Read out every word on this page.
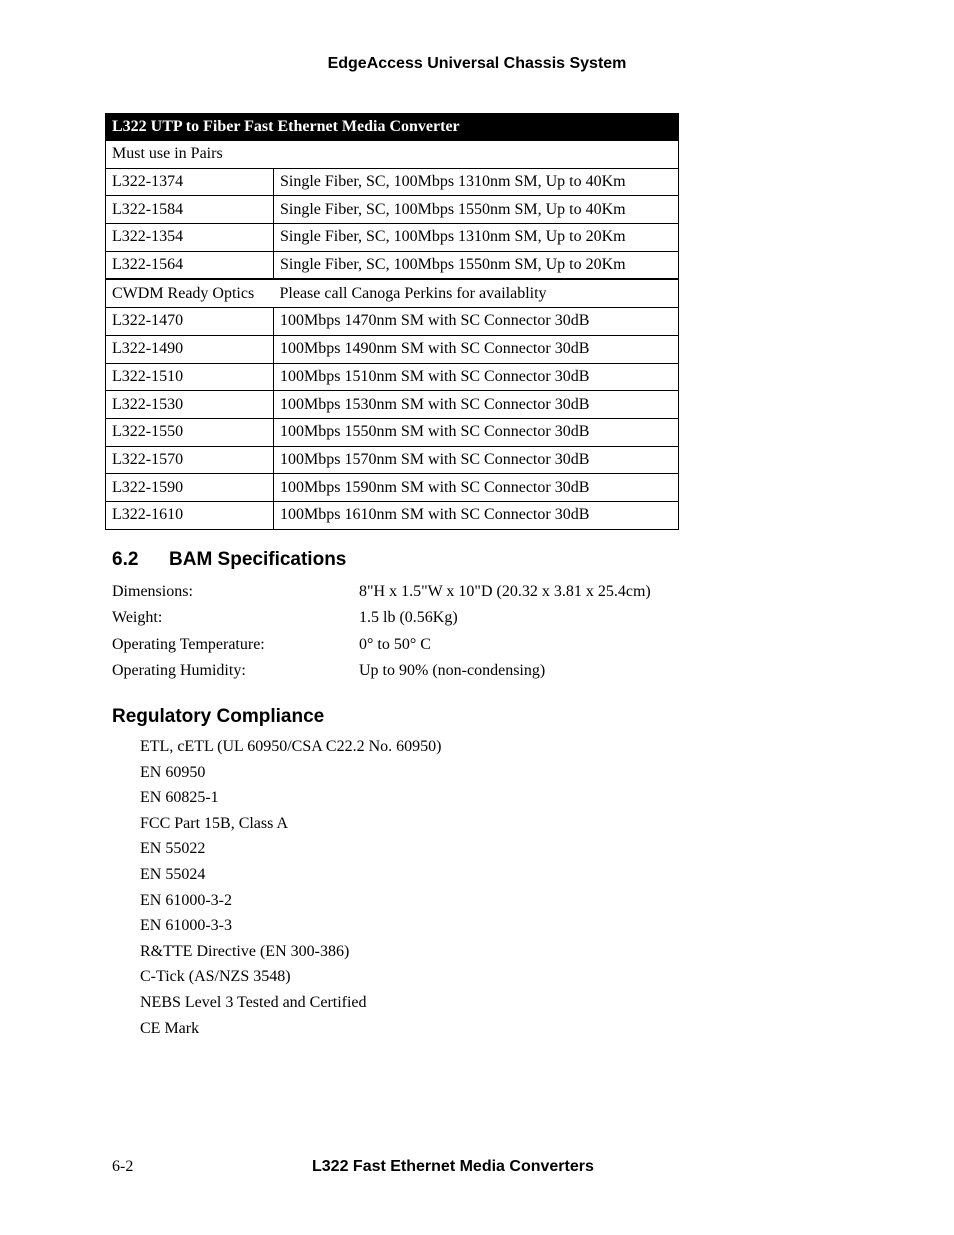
EdgeAccess Universal Chassis System
L322 UTP to Fiber Fast Ethernet Media Converter	
Must use in Pairs	
L322-1374	Single Fiber, SC, 100Mbps 1310nm SM, Up to 40Km
L322-1584	Single Fiber, SC, 100Mbps 1550nm SM, Up to 40Km
L322-1354	Single Fiber, SC, 100Mbps 1310nm SM, Up to 20Km
L322-1564	Single Fiber, SC, 100Mbps 1550nm SM, Up to 20Km
CWDM Ready Optics	Please call Canoga Perkins for availablity
L322-1470	100Mbps 1470nm SM with SC Connector 30dB
L322-1490	100Mbps 1490nm SM with SC Connector 30dB
L322-1510	100Mbps 1510nm SM with SC Connector 30dB
L322-1530	100Mbps 1530nm SM with SC Connector 30dB
L322-1550	100Mbps 1550nm SM with SC Connector 30dB
L322-1570	100Mbps 1570nm SM with SC Connector 30dB
L322-1590	100Mbps 1590nm SM with SC Connector 30dB
L322-1610	100Mbps 1610nm SM with SC Connector 30dB
6.2 BAM Specifications
Dimensions:	8"H x 1.5"W x 10"D (20.32 x 3.81 x 25.4cm)
Weight:	1.5 lb (0.56Kg)
Operating Temperature:	0° to 50° C
Operating Humidity:	Up to 90% (non-condensing)
Regulatory Compliance
ETL, cETL (UL 60950/CSA C22.2 No. 60950)
EN 60950
EN 60825-1
FCC Part 15B, Class A
EN 55022
EN 55024
EN 61000-3-2
EN 61000-3-3
R&TTE Directive (EN 300-386)
C-Tick (AS/NZS 3548)
NEBS Level 3 Tested and Certified
CE Mark
6-2	L322 Fast Ethernet Media Converters
